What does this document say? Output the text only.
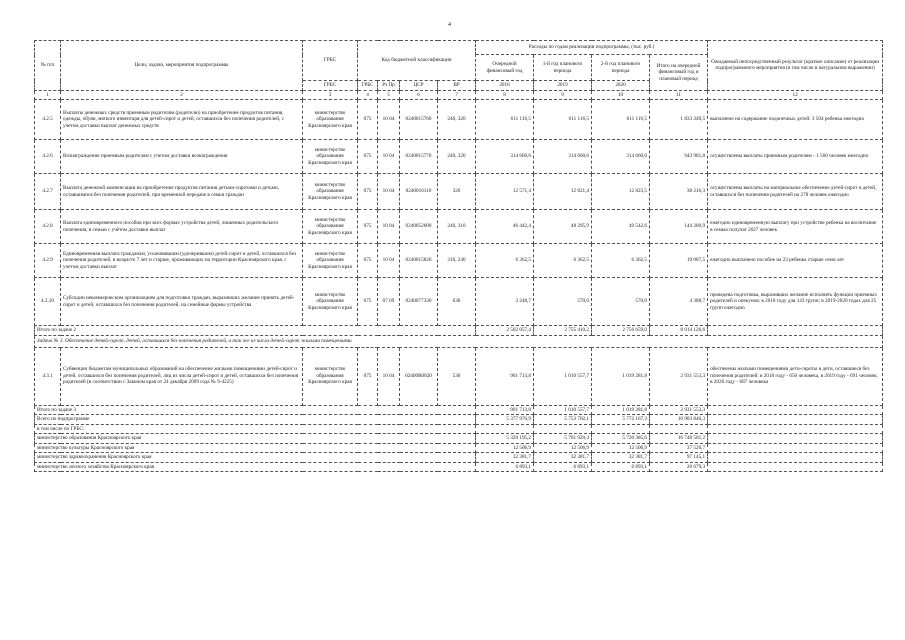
4
№ п/п	Цели, задачи, мероприятия подпрограммы	ГРБС	Код бюджетной классификации				Расходы по годам реализации подпрограммы, (тыс. руб.)				Ожидаемый непосредственный результат (краткое описание) от реализации подпрограммного мероприятия (в том числе в натуральном выражении)
							Очередной финансовый год	1-й год планового периода	2-й год планового периода	Итого на очередной финансовый год и плановый период	
		ГРБС	ГРБС	Рз Пр	ЦСР	ВР	2018	2019	2020		
1	2	3	4	5	6	7	8	9	10	11	12
4.2.5	Выплаты денежных средств приемным родителям (родителю) на приобретение продуктов питания, одежды, обуви, мягкого инвентаря для детей-сирот и детей, оставшихся без попечения родителей, с учетом доставки выплат денежных средств	министерство образования Красноярского края	075	10 04	0240015760	240, 320	611 116,5	611 116,5	611 116,5	1 833 349,5	выплачено на содержание подопечных детей: 3 504 ребенка ежегодно
4.2.6	Вознаграждение приемным родителям с учетом доставки вознаграждения	министерство образования Красноярского края	075	10 04	0240015770	240, 320	314 660,6	314 660,6	314 660,6	943 981,8	осуществлены выплаты приемным родителям - 1 560 человек ежегодно
4.2.7	Выплата денежной компенсации на приобретение продуктов питания детьми-сиротами и детьми, оставшимися без попечения родителей, при временной передаче в семьи граждан	министерство образования Красноярского края	075	10 04	0240016110	320	12 571,4	12 821,4	12 823,5	38 216,3	осуществлены выплаты на материальное обеспечение детей-сирот и детей, оставшихся без попечения родителей на 278 человек ежегодно
4.2.8	Выплата единовременного пособия при всех формах устройства детей, лишенных родительского попечения, в семью с учётом доставки выплат	министерство образования Красноярского края	075	10 04	0240052600	240, 310	46 442,4	48 295,9	49 542,6	144 280,9	ежегодно единовременную выплату при устройстве ребенка на воспитание в семью получат 2027 человек
4.2.9	Единовременная выплата гражданам, усыновившим (удочерившим) детей-сирот и детей, оставшихся без попечения родителей, в возрасте 7 лет и старше, проживающих на территории Красноярского края, с учетом доставки выплат	министерство образования Красноярского края	075	10 04	0240015820	310, 240	6 362,5	6 362,5	6 362,5	19 087,5	ежегодно выплачено пособие на 23 ребенка старше семи лет
4.2.10	Субсидии некоммерческим организациям для подготовки граждан, выразивших желание принять детей-сирот и детей, оставшихся без попечения родителей, на семейные формы устройства	министерство образования Красноярского края	075	07 09	0240077330	630	3 248,7	570,0	570,0	4 388,7	проведена подготовка, выразивших желание исполнять функции приемных родителей и опекунов: в 2018 году для 143 групп; в 2019-2020 годах для 25 групп ежегодно
Итого по задаче 2							2 502 057,4	2 755 410,2	2 756 659,0	8 014 126,6	
Задача № 3. Обеспечение детей-сирот, детей, оставшихся без попечения родителей, а так же из числа детей-сирот жилыми помещениями											
4.3.1	Субвенции бюджетам муниципальных образований на обеспечение жилыми помещениями детей-сирот и детей, оставшихся без попечения родителей, лиц из числа детей-сирот и детей, оставшихся без попечения родителей (в соответствии с Законом края от 24 декабря 2009 года № 9-4225)	министерство образования Красноярского края	075	10 04	02400R0820	530	901 713,8	1 010 557,7	1 019 281,8	2 931 553,3	обеспечены жилыми помещениями дети-сироты и дети, оставшиеся без попечения родителей: в 2018 году - 650 человека, в 2019 году - 691 человек; в 2020 году - 687 человека
Итого по задаче 3							901 713,8	1 010 557,7	1 019 281,8	2 931 553,3	
Всего по подпрограмме							5 377 976,9	5 753 702,1	5 772 167,3	16 903 846,3	
в том числе по ГРБС:											
министерство образования Красноярского края							5 320 195,2	5 701 920,4	5 720 385,6	16 748 501,2	
министерство культуры Красноярского края							12 506,9	12 506,9	12 506,9	37 520,7	
министерство здравоохранения Красноярского края							32 381,7	32 381,7	32 381,7	97 145,1	
министерство лесного хозяйства Красноярского края							6 893,1	6 893,1	6 893,1	20 679,3	
